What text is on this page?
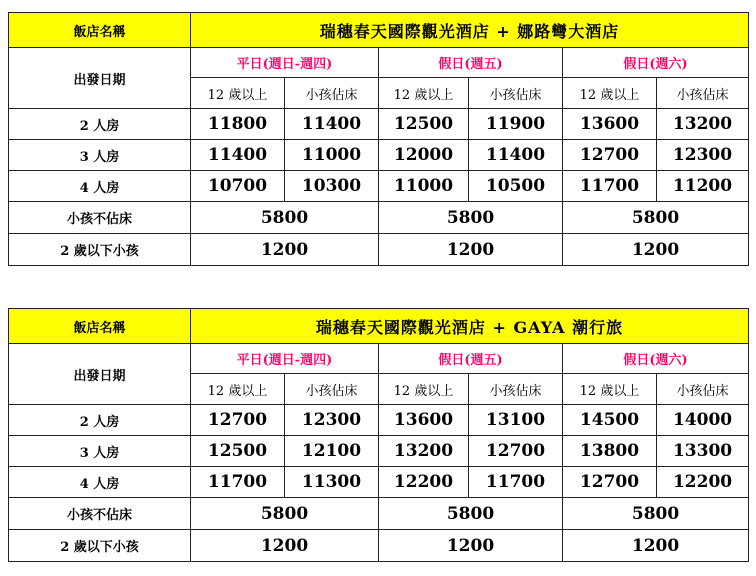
飯店名稱	瑞穗春天國際觀光酒店 + 娜路彎大酒店					
出發日期	平日(週日-週四)		假日(週五)		假日(週六)	
	12 歲以上	小孩佔床	12 歲以上	小孩佔床	12 歲以上	小孩佔床
2 人房	11800	11400	12500	11900	13600	13200
3 人房	11400	11000	12000	11400	12700	12300
4 人房	10700	10300	11000	10500	11700	11200
小孩不佔床	5800		5800		5800	
2 歲以下小孩	1200		1200		1200	
飯店名稱	瑞穗春天國際觀光酒店 + GAYA 潮行旅					
出發日期	平日(週日-週四)		假日(週五)		假日(週六)	
	12 歲以上	小孩佔床	12 歲以上	小孩佔床	12 歲以上	小孩佔床
2 人房	12700	12300	13600	13100	14500	14000
3 人房	12500	12100	13200	12700	13800	13300
4 人房	11700	11300	12200	11700	12700	12200
小孩不佔床	5800		5800		5800	
2 歲以下小孩	1200		1200		1200	
